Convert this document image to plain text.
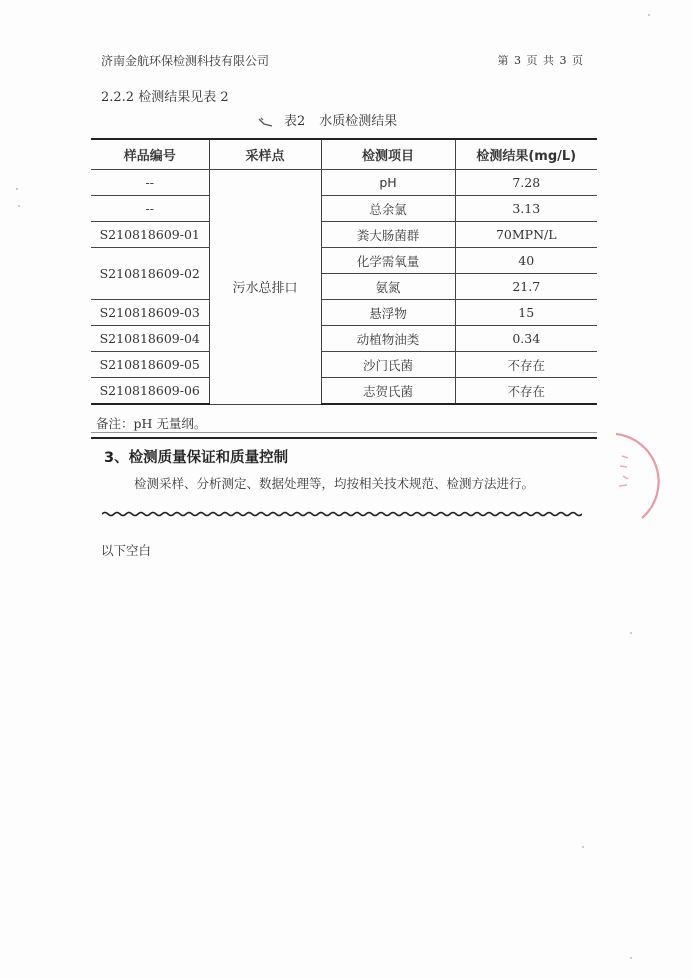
济南金航环保检测科技有限公司	第 3 页 共 3 页
2.2.2 检测结果见表 2
表2 水质检测结果
样品编号	采样点	检测项目	检测结果(mg/L)
--	污水总排口	pH	7.28
--		总余氯	3.13
S210818609-01		粪大肠菌群	70MPN/L
S210818609-02		化学需氧量	40
		氨氮	21.7
S210818609-03		悬浮物	15
S210818609-04		动植物油类	0.34
S210818609-05		沙门氏菌	不存在
S210818609-06		志贺氏菌	不存在
备注：pH 无量纲。
3、检测质量保证和质量控制
检测采样、分析测定、数据处理等，均按相关技术规范、检测方法进行。
以下空白
